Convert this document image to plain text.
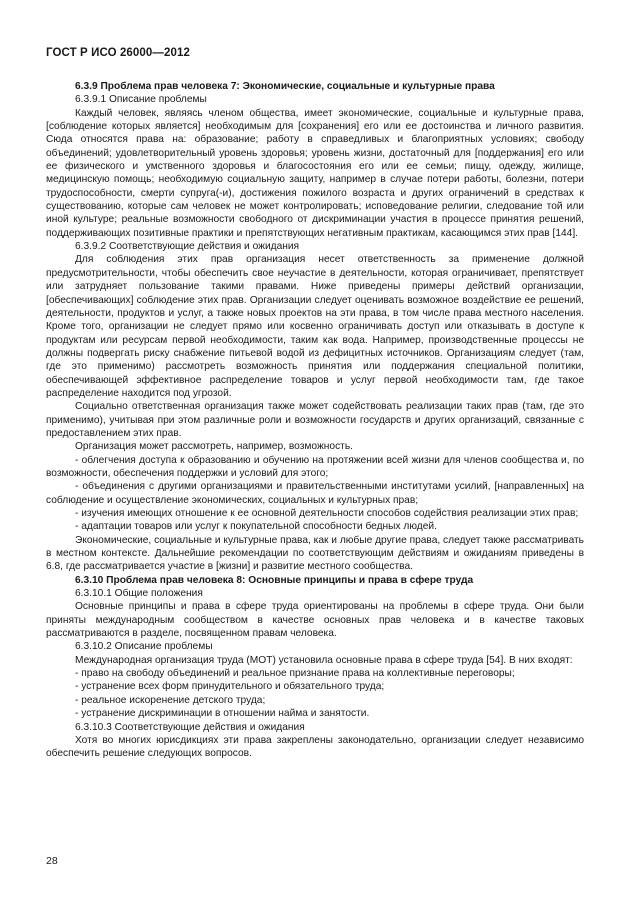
ГОСТ Р ИСО 26000—2012

6.3.9 Проблема прав человека 7: Экономические, социальные и культурные права

6.3.9.1 Описание проблемы

Каждый человек, являясь членом общества, имеет экономические, социальные и культурные права, [соблюдение которых является] необходимым для [сохранения] его или ее достоинства и личного развития. Сюда относятся права на: образование; работу в справедливых и благоприятных условиях; свободу объединений; удовлетворительный уровень здоровья; уровень жизни, достаточный для [поддержания] его или ее физического и умственного здоровья и благосостояния его или ее семьи; пищу, одежду, жилище, медицинскую помощь; необходимую социальную защиту, например в случае потери работы, болезни, потери трудоспособности, смерти супруга(-и), достижения пожилого возраста и других ограничений в средствах к существованию, которые сам человек не может контролировать; исповедование религии, следование той или иной культуре; реальные возможности свободного от дискриминации участия в процессе принятия решений, поддерживающих позитивные практики и препятствующих негативным практикам, касающимся этих прав [144].

6.3.9.2 Соответствующие действия и ожидания

Для соблюдения этих прав организация несет ответственность за применение должной предусмотрительности, чтобы обеспечить свое неучастие в деятельности, которая ограничивает, препятствует или затрудняет пользование такими правами. Ниже приведены примеры действий организации, [обеспечивающих] соблюдение этих прав. Организации следует оценивать возможное воздействие ее решений, деятельности, продуктов и услуг, а также новых проектов на эти права, в том числе права местного населения. Кроме того, организации не следует прямо или косвенно ограничивать доступ или отказывать в доступе к продуктам или ресурсам первой необходимости, таким как вода. Например, производственные процессы не должны подвергать риску снабжение питьевой водой из дефицитных источников. Организациям следует (там, где это применимо) рассмотреть возможность принятия или поддержания специальной политики, обеспечивающей эффективное распределение товаров и услуг первой необходимости там, где такое распределение находится под угрозой.

Социально ответственная организация также может содействовать реализации таких прав (там, где это применимо), учитывая при этом различные роли и возможности государств и других организаций, связанные с предоставлением этих прав.

Организация может рассмотреть, например, возможность.

- облегчения доступа к образованию и обучению на протяжении всей жизни для членов сообщества и, по возможности, обеспечения поддержки и условий для этого;

- объединения с другими организациями и правительственными институтами усилий, [направленных] на соблюдение и осуществление экономических, социальных и культурных прав;

- изучения имеющих отношение к ее основной деятельности способов содействия реализации этих прав;

- адаптации товаров или услуг к покупательной способности бедных людей.

Экономические, социальные и культурные права, как и любые другие права, следует также рассматривать в местном контексте. Дальнейшие рекомендации по соответствующим действиям и ожиданиям приведены в 6.8, где рассматривается участие в [жизни] и развитие местного сообщества.

6.3.10 Проблема прав человека 8: Основные принципы и права в сфере труда

6.3.10.1 Общие положения

Основные принципы и права в сфере труда ориентированы на проблемы в сфере труда. Они были приняты международным сообществом в качестве основных прав человека и в качестве таковых рассматриваются в разделе, посвященном правам человека.

6.3.10.2 Описание проблемы

Международная организация труда (МОТ) установила основные права в сфере труда [54]. В них входят:

- право на свободу объединений и реальное признание права на коллективные переговоры;

- устранение всех форм принудительного и обязательного труда;

- реальное искоренение детского труда;

- устранение дискриминации в отношении найма и занятости.

6.3.10.3 Соответствующие действия и ожидания

Хотя во многих юрисдикциях эти права закреплены законодательно, организации следует независимо обеспечить решение следующих вопросов.

28
